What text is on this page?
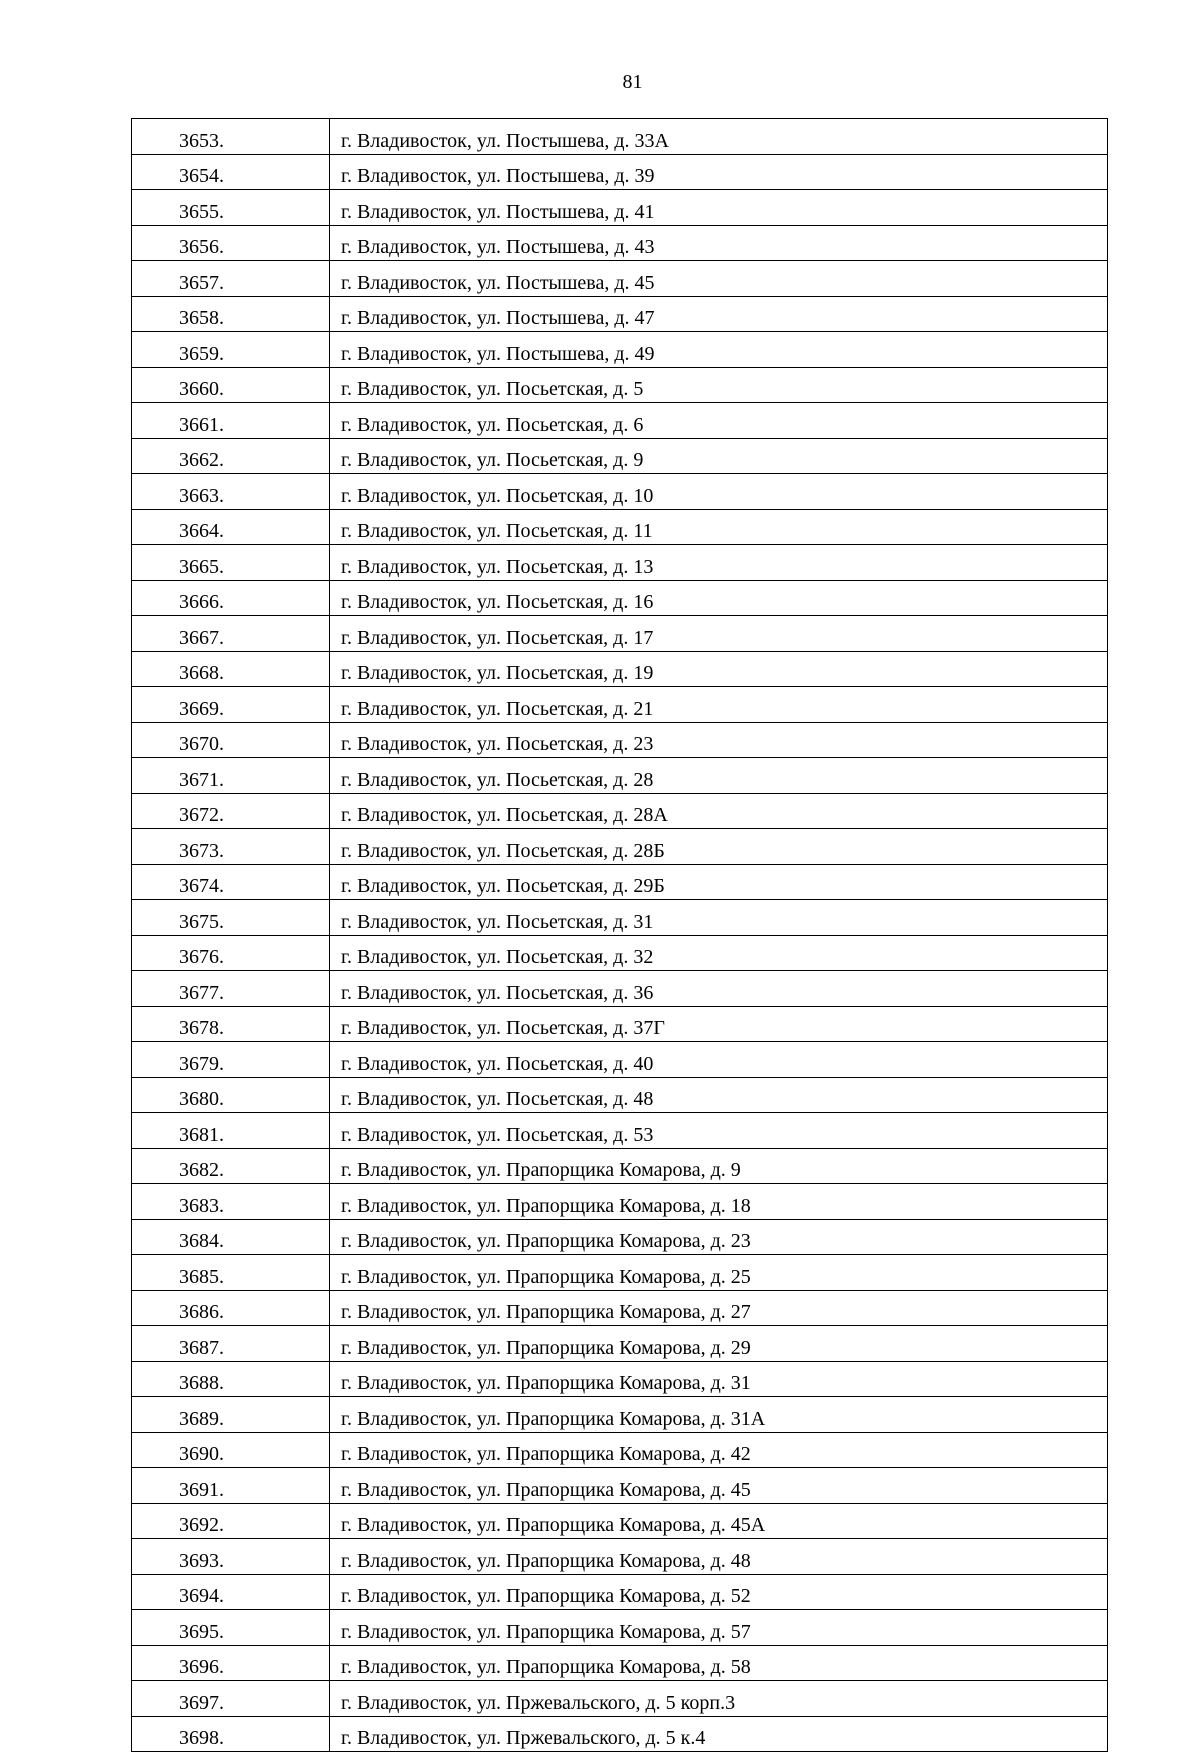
81
3653.	г. Владивосток, ул. Постышева, д. 33А
3654.	г. Владивосток, ул. Постышева, д. 39
3655.	г. Владивосток, ул. Постышева, д. 41
3656.	г. Владивосток, ул. Постышева, д. 43
3657.	г. Владивосток, ул. Постышева, д. 45
3658.	г. Владивосток, ул. Постышева, д. 47
3659.	г. Владивосток, ул. Постышева, д. 49
3660.	г. Владивосток, ул. Посьетская, д. 5
3661.	г. Владивосток, ул. Посьетская, д. 6
3662.	г. Владивосток, ул. Посьетская, д. 9
3663.	г. Владивосток, ул. Посьетская, д. 10
3664.	г. Владивосток, ул. Посьетская, д. 11
3665.	г. Владивосток, ул. Посьетская, д. 13
3666.	г. Владивосток, ул. Посьетская, д. 16
3667.	г. Владивосток, ул. Посьетская, д. 17
3668.	г. Владивосток, ул. Посьетская, д. 19
3669.	г. Владивосток, ул. Посьетская, д. 21
3670.	г. Владивосток, ул. Посьетская, д. 23
3671.	г. Владивосток, ул. Посьетская, д. 28
3672.	г. Владивосток, ул. Посьетская, д. 28А
3673.	г. Владивосток, ул. Посьетская, д. 28Б
3674.	г. Владивосток, ул. Посьетская, д. 29Б
3675.	г. Владивосток, ул. Посьетская, д. 31
3676.	г. Владивосток, ул. Посьетская, д. 32
3677.	г. Владивосток, ул. Посьетская, д. 36
3678.	г. Владивосток, ул. Посьетская, д. 37Г
3679.	г. Владивосток, ул. Посьетская, д. 40
3680.	г. Владивосток, ул. Посьетская, д. 48
3681.	г. Владивосток, ул. Посьетская, д. 53
3682.	г. Владивосток, ул. Прапорщика Комарова, д. 9
3683.	г. Владивосток, ул. Прапорщика Комарова, д. 18
3684.	г. Владивосток, ул. Прапорщика Комарова, д. 23
3685.	г. Владивосток, ул. Прапорщика Комарова, д. 25
3686.	г. Владивосток, ул. Прапорщика Комарова, д. 27
3687.	г. Владивосток, ул. Прапорщика Комарова, д. 29
3688.	г. Владивосток, ул. Прапорщика Комарова, д. 31
3689.	г. Владивосток, ул. Прапорщика Комарова, д. 31А
3690.	г. Владивосток, ул. Прапорщика Комарова, д. 42
3691.	г. Владивосток, ул. Прапорщика Комарова, д. 45
3692.	г. Владивосток, ул. Прапорщика Комарова, д. 45А
3693.	г. Владивосток, ул. Прапорщика Комарова, д. 48
3694.	г. Владивосток, ул. Прапорщика Комарова, д. 52
3695.	г. Владивосток, ул. Прапорщика Комарова, д. 57
3696.	г. Владивосток, ул. Прапорщика Комарова, д. 58
3697.	г. Владивосток, ул. Пржевальского, д. 5 корп.3
3698.	г. Владивосток, ул. Пржевальского, д. 5 к.4
